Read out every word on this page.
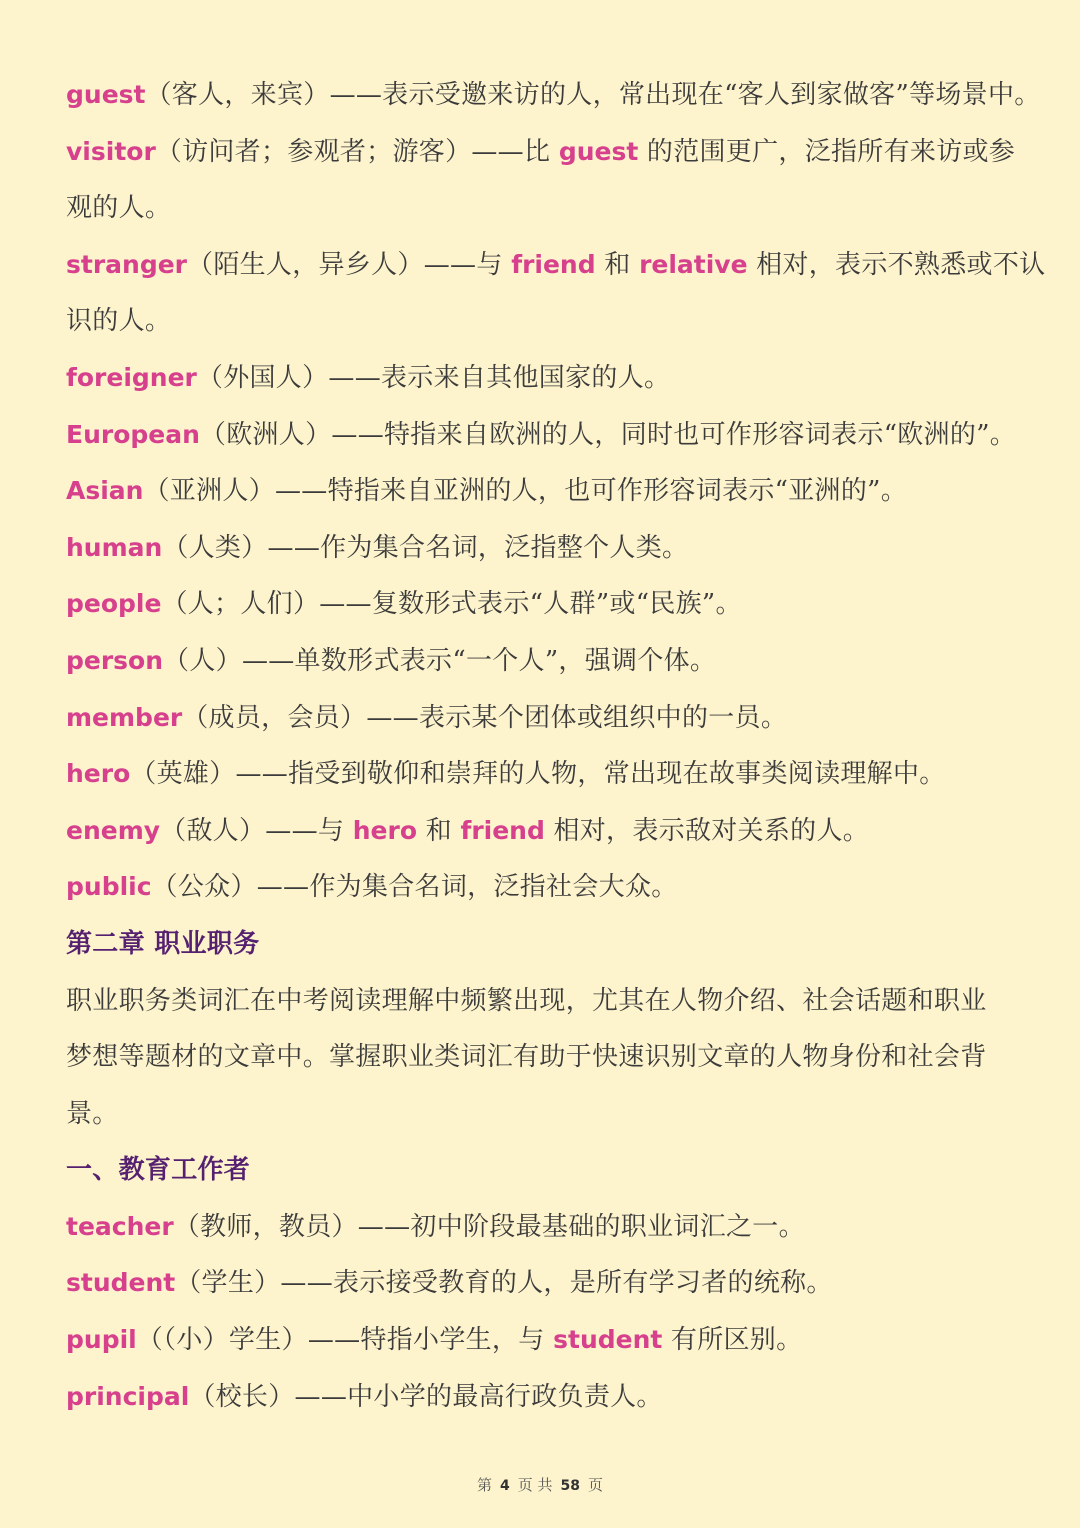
guest（客人，来宾）——表示受邀来访的人，常出现在“客人到家做客”等场景中。
visitor（访问者；参观者；游客）——比 guest 的范围更广，泛指所有来访或参
观的人。
stranger（陌生人，异乡人）——与 friend 和 relative 相对，表示不熟悉或不认
识的人。
foreigner（外国人）——表示来自其他国家的人。
European（欧洲人）——特指来自欧洲的人，同时也可作形容词表示“欧洲的”。
Asian（亚洲人）——特指来自亚洲的人，也可作形容词表示“亚洲的”。
human（人类）——作为集合名词，泛指整个人类。
people（人；人们）——复数形式表示“人群”或“民族”。
person（人）——单数形式表示“一个人”，强调个体。
member（成员，会员）——表示某个团体或组织中的一员。
hero（英雄）——指受到敬仰和崇拜的人物，常出现在故事类阅读理解中。
enemy（敌人）——与 hero 和 friend 相对，表示敌对关系的人。
public（公众）——作为集合名词，泛指社会大众。
第二章 职业职务
职业职务类词汇在中考阅读理解中频繁出现，尤其在人物介绍、社会话题和职业
梦想等题材的文章中。掌握职业类词汇有助于快速识别文章的人物身份和社会背
景。
一、教育工作者
teacher（教师，教员）——初中阶段最基础的职业词汇之一。
student（学生）——表示接受教育的人，是所有学习者的统称。
pupil（（小）学生）——特指小学生，与 student 有所区别。
principal（校长）——中小学的最高行政负责人。
第 4 页 共 58 页
